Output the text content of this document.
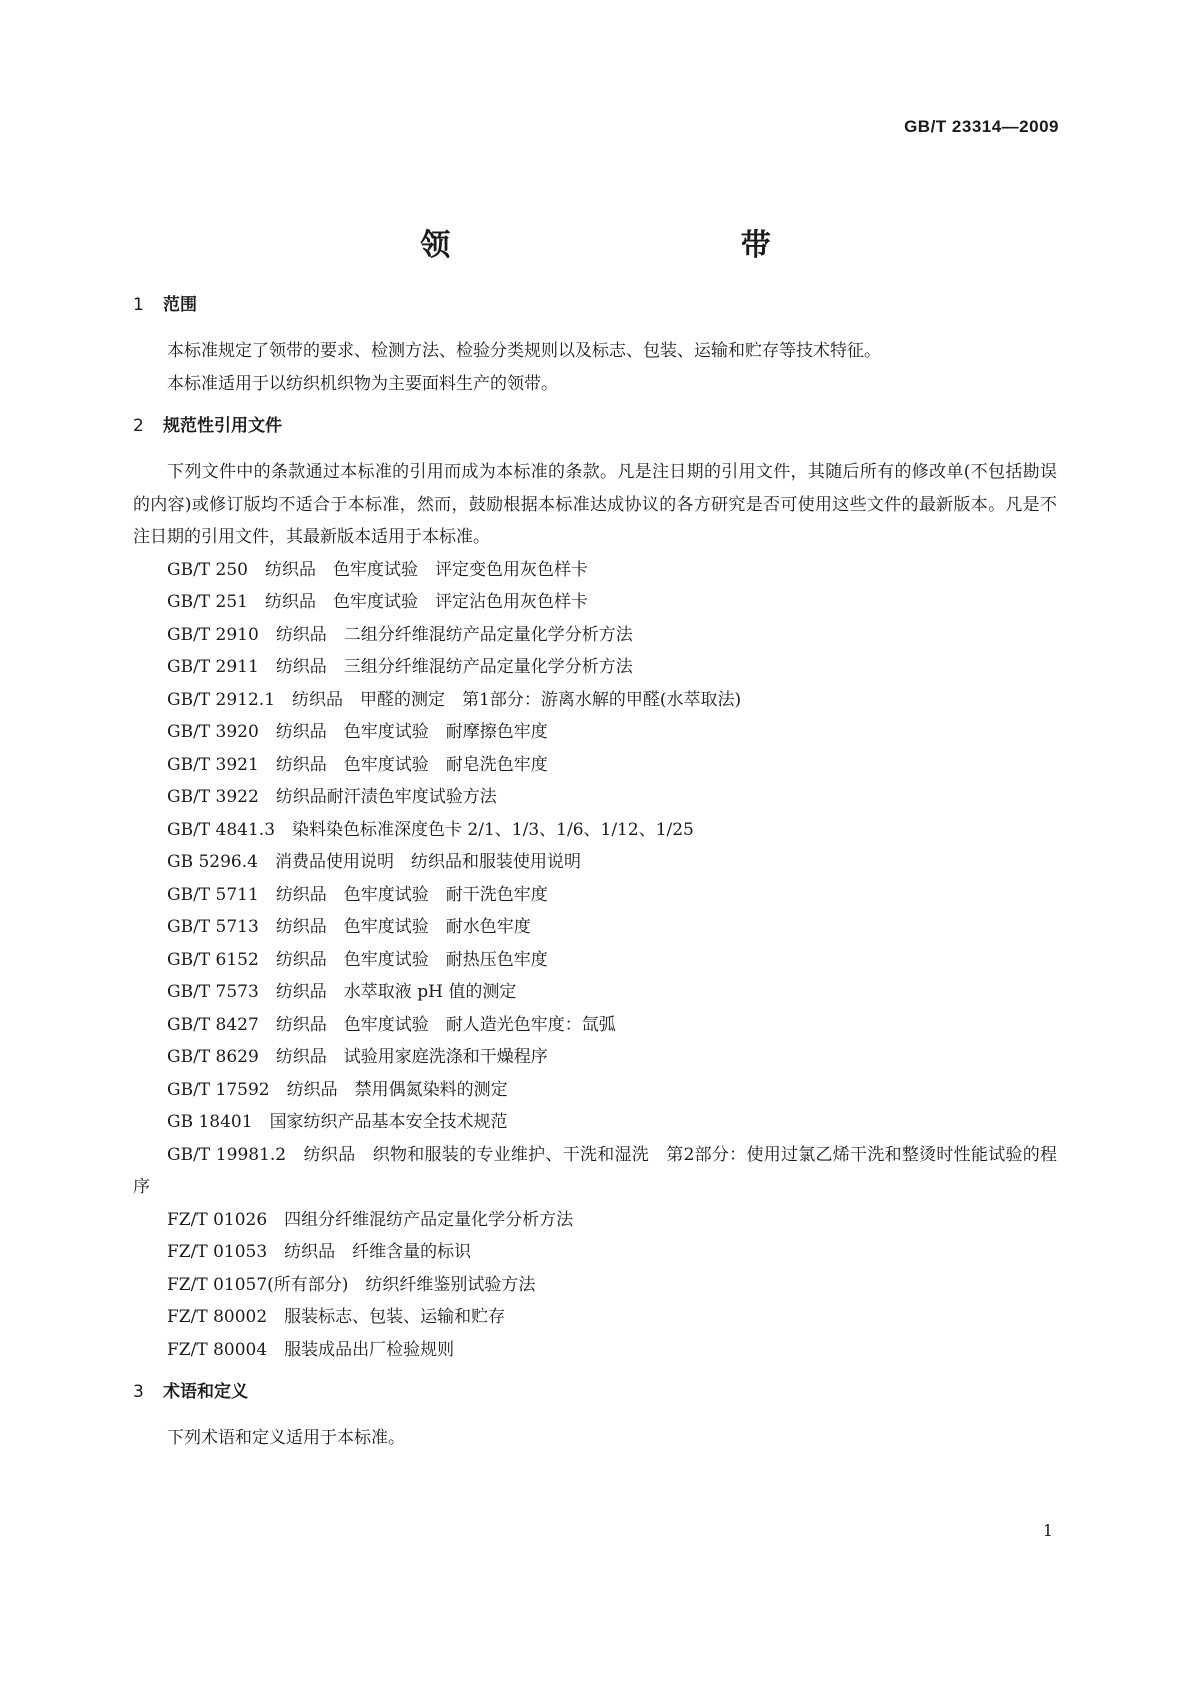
GB/T 23314—2009
领 带
1	范围
本标准规定了领带的要求、检测方法、检验分类规则以及标志、包装、运输和贮存等技术特征。
本标准适用于以纺织机织物为主要面料生产的领带。
2	规范性引用文件
下列文件中的条款通过本标准的引用而成为本标准的条款。凡是注日期的引用文件，其随后所有的修改单(不包括勘误的内容)或修订版均不适合于本标准，然而，鼓励根据本标准达成协议的各方研究是否可使用这些文件的最新版本。凡是不注日期的引用文件，其最新版本适用于本标准。
GB/T 250　 纺织品　色牢度试验　评定变色用灰色样卡
GB/T 251　 纺织品　色牢度试验　评定沾色用灰色样卡
GB/T 2910　 纺织品　二组分纤维混纺产品定量化学分析方法
GB/T 2911　 纺织品　三组分纤维混纺产品定量化学分析方法
GB/T 2912.1　 纺织品　甲醛的测定　第1部分：游离水解的甲醛(水萃取法)
GB/T 3920　 纺织品　色牢度试验　耐摩擦色牢度
GB/T 3921　 纺织品　色牢度试验　耐皂洗色牢度
GB/T 3922　 纺织品耐汗渍色牢度试验方法
GB/T 4841.3　 染料染色标准深度色卡 2/1、1/3、1/6、1/12、1/25
GB 5296.4　 消费品使用说明　纺织品和服装使用说明
GB/T 5711　 纺织品　色牢度试验　耐干洗色牢度
GB/T 5713　 纺织品　色牢度试验　耐水色牢度
GB/T 6152　 纺织品　色牢度试验　耐热压色牢度
GB/T 7573　 纺织品　水萃取液 pH 值的测定
GB/T 8427　 纺织品　色牢度试验　耐人造光色牢度：氙弧
GB/T 8629　 纺织品　试验用家庭洗涤和干燥程序
GB/T 17592　 纺织品　禁用偶氮染料的测定
GB 18401　 国家纺织产品基本安全技术规范
GB/T 19981.2　 纺织品　织物和服装的专业维护、干洗和湿洗　第2部分：使用过氯乙烯干洗和整烫时性能试验的程序
FZ/T 01026　 四组分纤维混纺产品定量化学分析方法
FZ/T 01053　 纺织品　纤维含量的标识
FZ/T 01057(所有部分)　 纺织纤维鉴别试验方法
FZ/T 80002　 服装标志、包装、运输和贮存
FZ/T 80004　 服装成品出厂检验规则
3	术语和定义
下列术语和定义适用于本标准。
1
